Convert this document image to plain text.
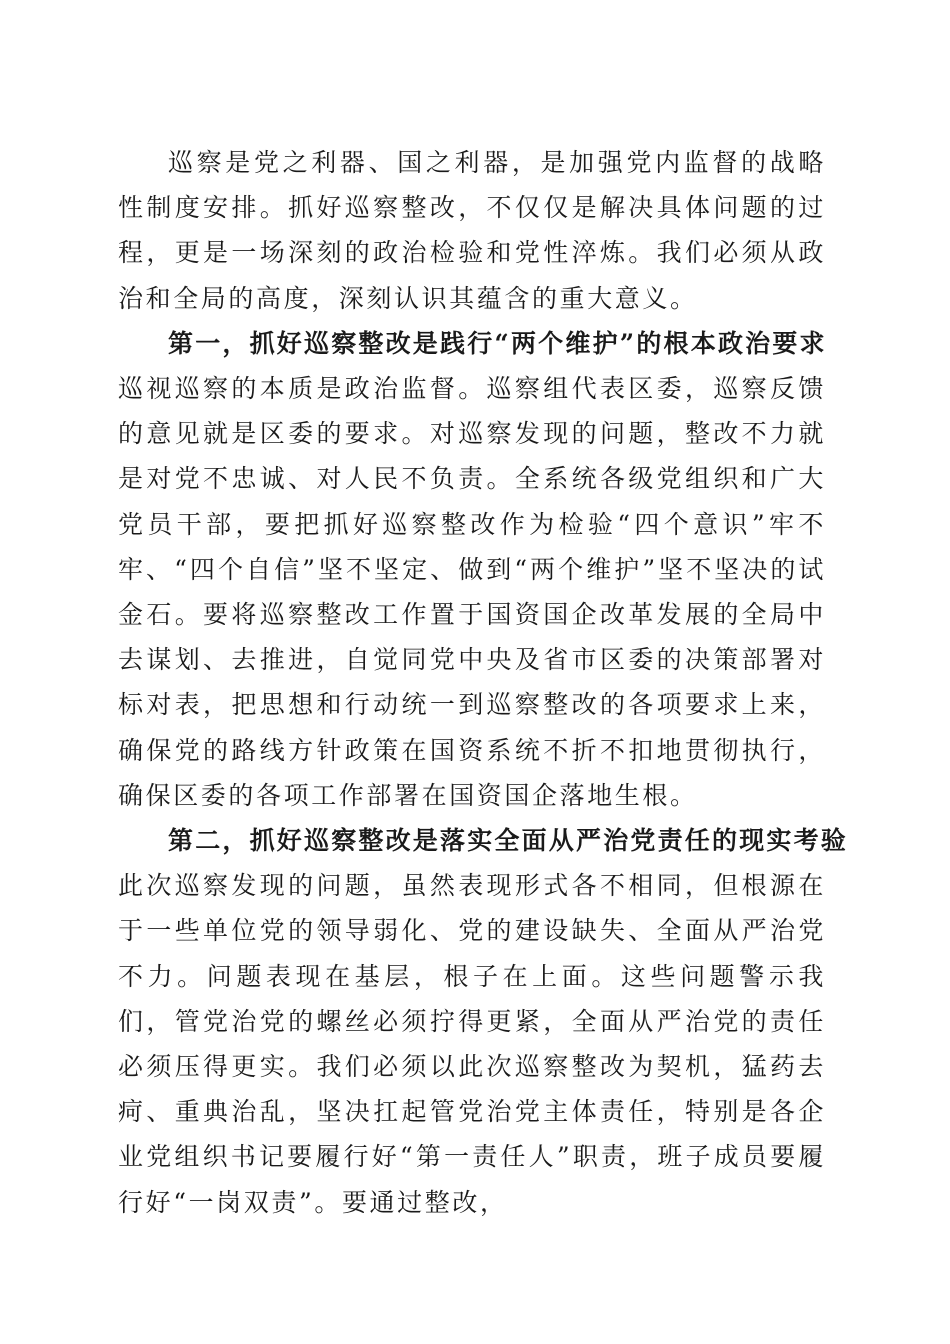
巡察是党之利器、国之利器，是加强党内监督的战略性制度安排。抓好巡察整改，不仅仅是解决具体问题的过程，更是一场深刻的政治检验和党性淬炼。我们必须从政治和全局的高度，深刻认识其蕴含的重大意义。

第一，抓好巡察整改是践行“两个维护”的根本政治要求

巡视巡察的本质是政治监督。巡察组代表区委，巡察反馈的意见就是区委的要求。对巡察发现的问题，整改不力就是对党不忠诚、对人民不负责。全系统各级党组织和广大党员干部，要把抓好巡察整改作为检验“四个意识”牢不牢、“四个自信”坚不坚定、做到“两个维护”坚不坚决的试金石。要将巡察整改工作置于国资国企改革发展的全局中去谋划、去推进，自觉同党中央及省市区委的决策部署对标对表，把思想和行动统一到巡察整改的各项要求上来，确保党的路线方针政策在国资系统不折不扣地贯彻执行，确保区委的各项工作部署在国资国企落地生根。

第二，抓好巡察整改是落实全面从严治党责任的现实考验

此次巡察发现的问题，虽然表现形式各不相同，但根源在于一些单位党的领导弱化、党的建设缺失、全面从严治党不力。问题表现在基层，根子在上面。这些问题警示我们，管党治党的螺丝必须拧得更紧，全面从严治党的责任必须压得更实。我们必须以此次巡察整改为契机，猛药去疴、重典治乱，坚决扛起管党治党主体责任，特别是各企业党组织书记要履行好“第一责任人”职责，班子成员要履行好“一岗双责”。要通过整改，
